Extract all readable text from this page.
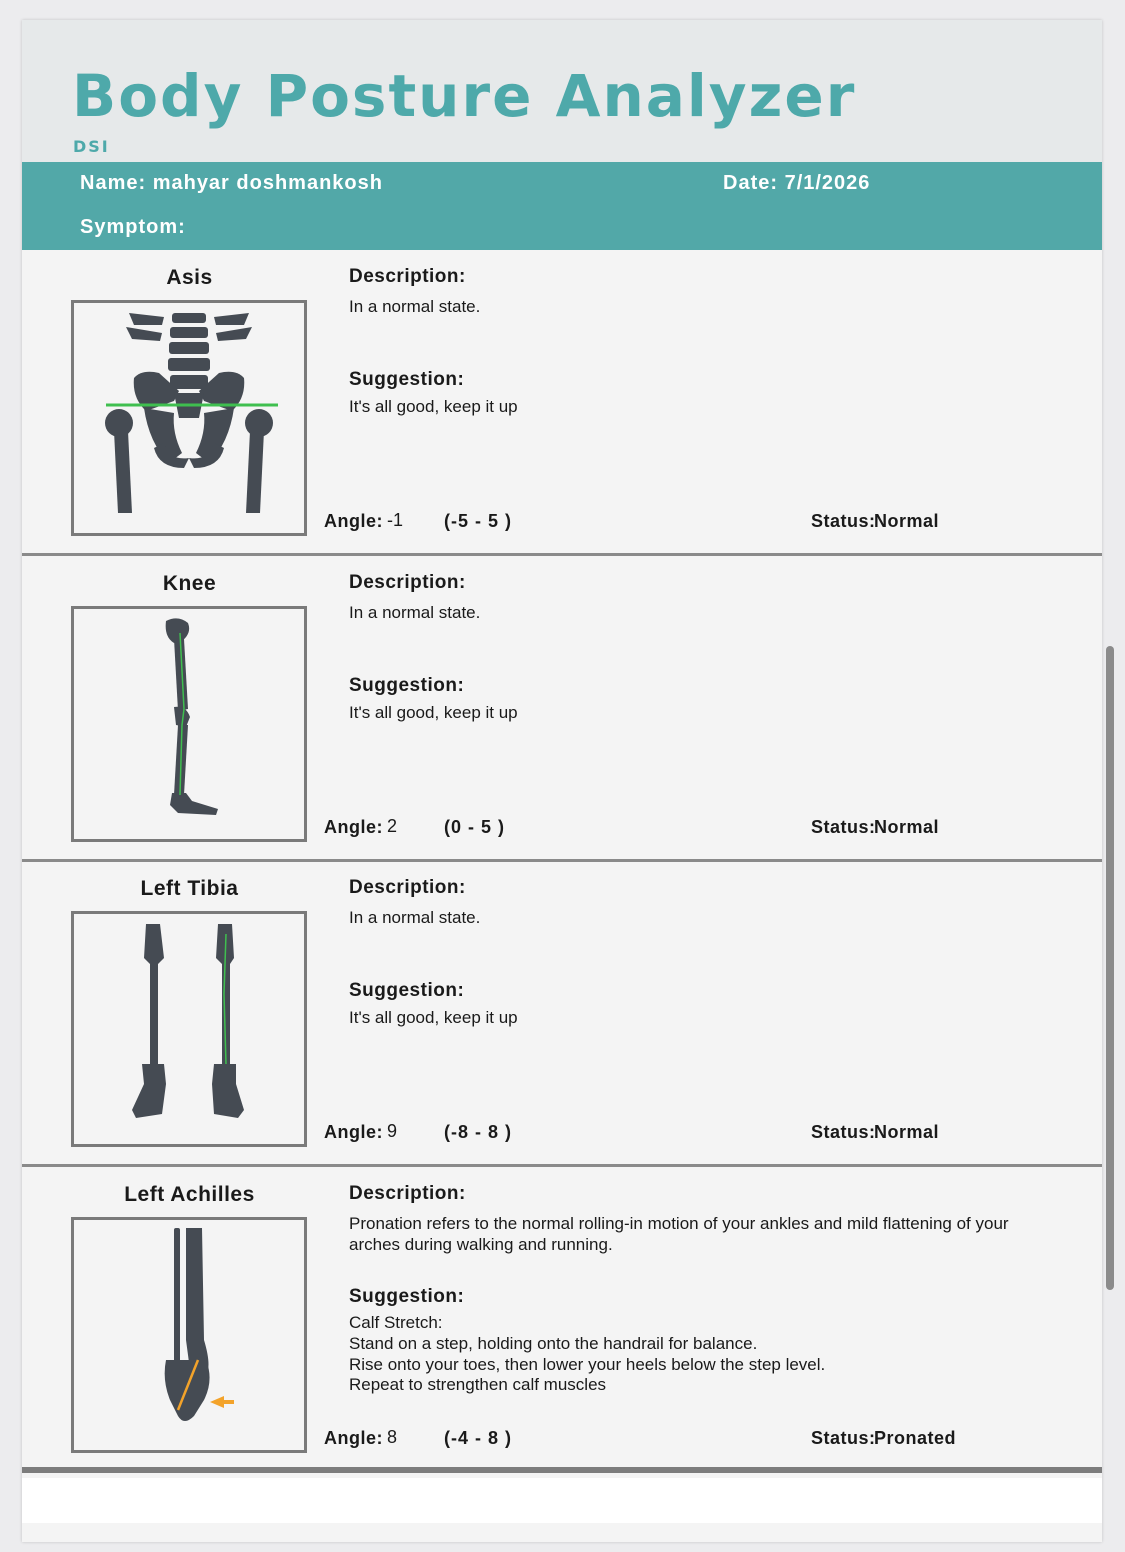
Body Posture Analyzer
DSI
Name: mahyar doshmankosh	Date: 7/1/2026
Symptom:
Asis	Description:
In a normal state.
Suggestion:
It's all good, keep it up
Angle: -1 (-5 - 5 )	Status:
Normal
Knee	Description:
In a normal state.
Suggestion:
It's all good, keep it up
Angle: 2	(0 - 5 )	Status:
Normal
Left Tibia	Description:
In a normal state.
Suggestion:
It's all good, keep it up
Angle: 9	(-8 - 8 )	Status:
Normal
Left Achilles	Description:
Pronation refers to the normal rolling-in motion of your ankles and mild flattening of your arches during walking and running.
Suggestion:
Calf Stretch:
Stand on a step, holding onto the handrail for balance.
Rise onto your toes, then lower your heels below the step level.
Repeat to strengthen calf muscles
Angle: 8	(-4 - 8 )	Status:
Pronated
